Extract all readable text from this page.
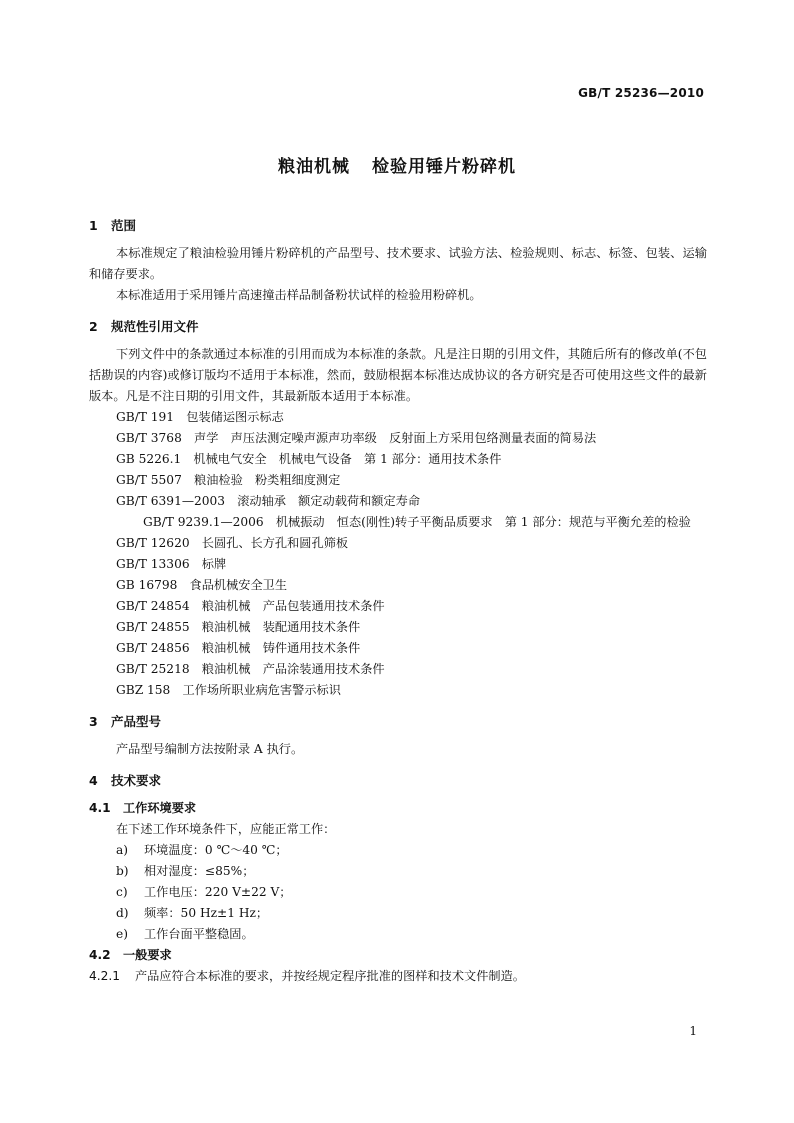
GB/T 25236—2010
粮油机械 检验用锤片粉碎机
1 范围
本标准规定了粮油检验用锤片粉碎机的产品型号、技术要求、试验方法、检验规则、标志、标签、包装、运输和储存要求。
本标准适用于采用锤片高速撞击样品制备粉状试样的检验用粉碎机。
2 规范性引用文件
下列文件中的条款通过本标准的引用而成为本标准的条款。凡是注日期的引用文件，其随后所有的修改单(不包括勘误的内容)或修订版均不适用于本标准，然而，鼓励根据本标准达成协议的各方研究是否可使用这些文件的最新版本。凡是不注日期的引用文件，其最新版本适用于本标准。
GB/T 191　 包装储运图示标志
GB/T 3768　 声学　声压法测定噪声源声功率级　反射面上方采用包络测量表面的简易法
GB 5226.1　 机械电气安全　机械电气设备　第 1 部分：通用技术条件
GB/T 5507　 粮油检验　粉类粗细度测定
GB/T 6391—2003　 滚动轴承　额定动载荷和额定寿命
GB/T 9239.1—2006　 机械振动　恒态(刚性)转子平衡品质要求　第 1 部分：规范与平衡允差的检验
GB/T 12620　 长圆孔、长方孔和圆孔筛板
GB/T 13306　 标牌
GB 16798　 食品机械安全卫生
GB/T 24854　 粮油机械　产品包装通用技术条件
GB/T 24855　 粮油机械　装配通用技术条件
GB/T 24856　 粮油机械　铸件通用技术条件
GB/T 25218　 粮油机械　产品涂装通用技术条件
GBZ 158　 工作场所职业病危害警示标识
3 产品型号
产品型号编制方法按附录 A 执行。
4 技术要求
4.1 工作环境要求
在下述工作环境条件下，应能正常工作：
a) 环境温度：0 ℃～40 ℃；
b) 相对湿度：≤85%；
c) 工作电压：220 V±22 V；
d) 频率：50 Hz±1 Hz；
e) 工作台面平整稳固。
4.2 一般要求
4.2.1 产品应符合本标准的要求，并按经规定程序批准的图样和技术文件制造。
1
